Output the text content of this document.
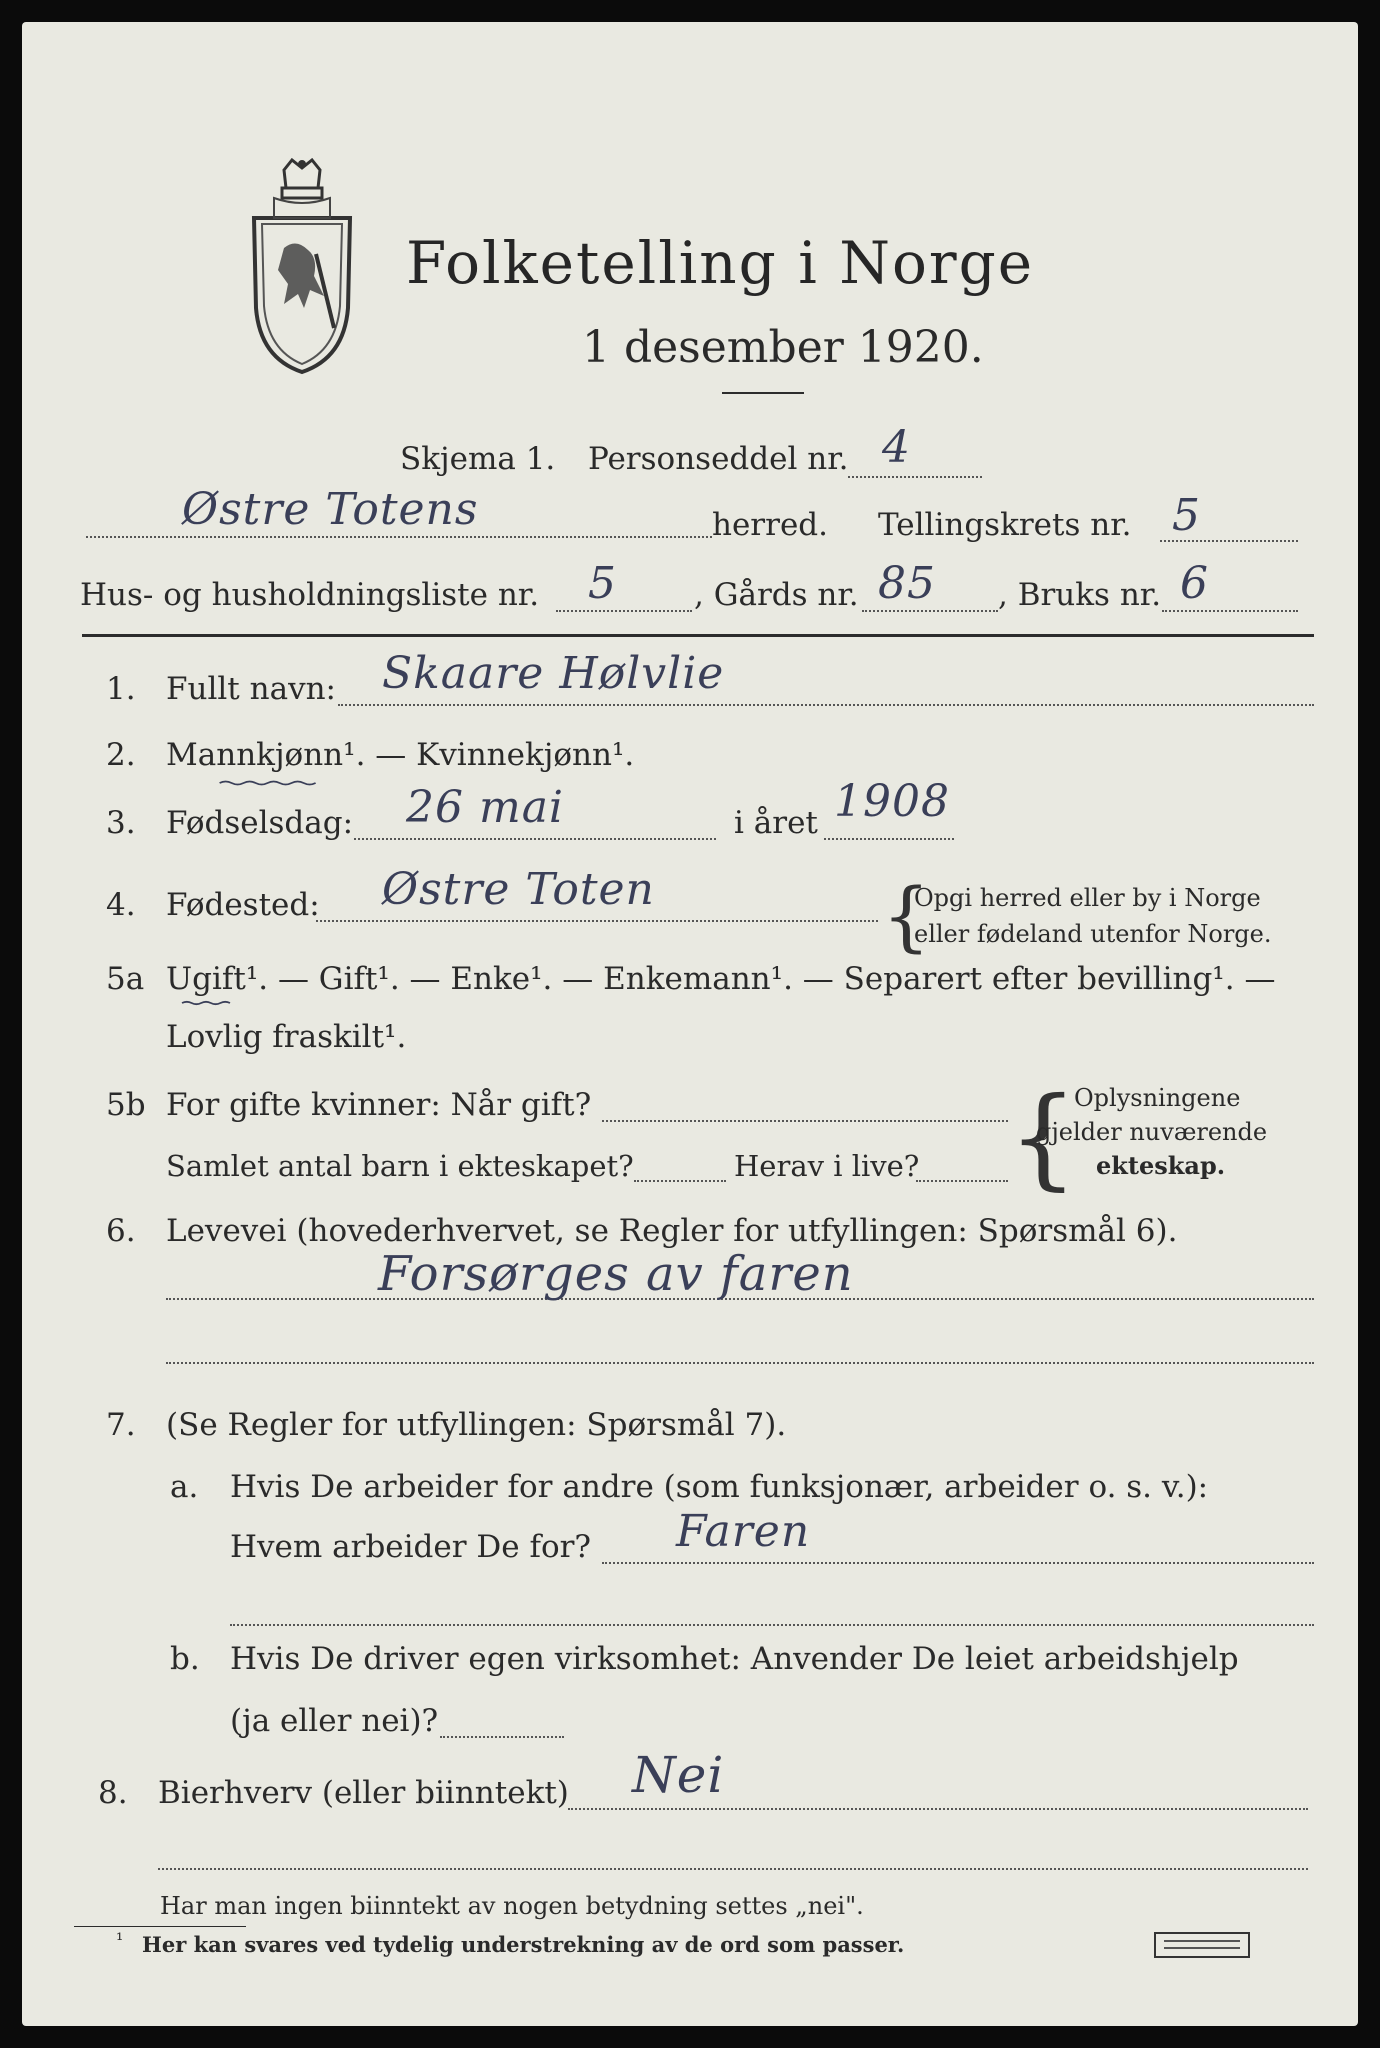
Folketelling i Norge
1 desember 1920.
Skjema 1. Personseddel nr. 4
Østre Totens	herred. Tellingskrets nr. 5
Hus- og husholdningsliste nr. 5 , Gårds nr. 85 , Bruks nr. 6
1. Fullt navn: Skaare Hølvlie
2. Mannkjønn¹. — Kvinnekjønn¹.
3. Fødselsdag: 26 mai	i året 1908
4. Fødested: Østre Toten	{
Opgi herred eller by i Norge
eller fødeland utenfor Norge.
5a Ugift¹. — Gift¹. — Enke¹. — Enkemann¹. — Separert efter bevilling¹. —
Lovlig fraskilt¹.
5b For gifte kvinner: Når gift?
Samlet antal barn i ekteskapet?	Herav i live? {
Oplysningene
gjelder nuværende
ekteskap.
6. Levevei (hovederhvervet, se Regler for utfyllingen: Spørsmål 6).
Forsørges av faren
7. (Se Regler for utfyllingen: Spørsmål 7).
a. Hvis De arbeider for andre (som funksjonær, arbeider o. s. v.):
Hvem arbeider De for? Faren
b. Hvis De driver egen virksomhet: Anvender De leiet arbeidshjelp
(ja eller nei)?
8. Bierhverv (eller biinntekt) Nei
Har man ingen biinntekt av nogen betydning settes „nei".
¹ Her kan svares ved tydelig understrekning av de ord som passer.
